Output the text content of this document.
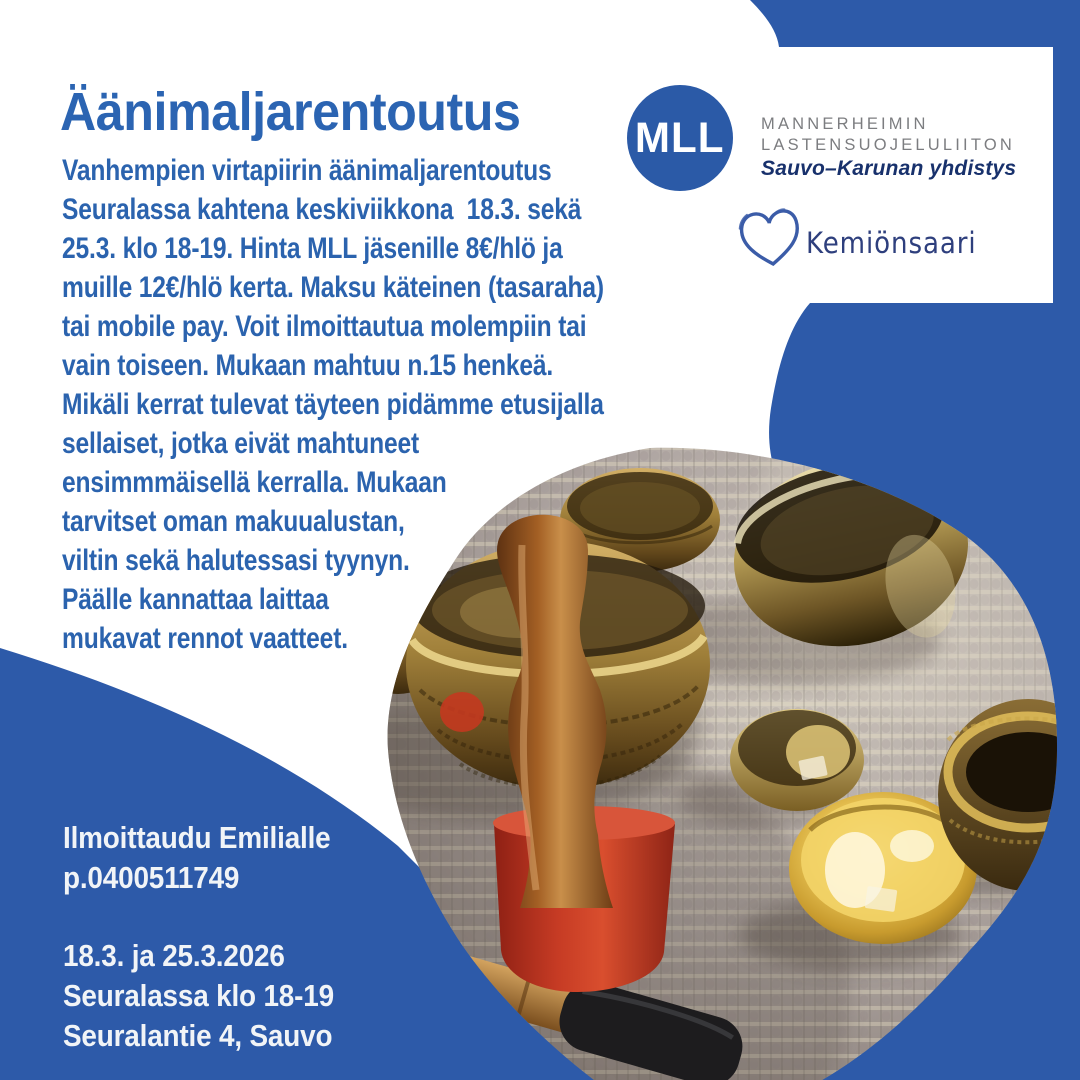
Äänimaljarentoutus
Vanhempien virtapiirin äänimaljarentoutus
Seuralassa kahtena keskiviikkona  18.3. sekä
25.3. klo 18-19. Hinta MLL jäsenille 8€/hlö ja
muille 12€/hlö kerta. Maksu käteinen (tasaraha)
tai mobile pay. Voit ilmoittautua molempiin tai
vain toiseen. Mukaan mahtuu n.15 henkeä.
Mikäli kerrat tulevat täyteen pidämme etusijalla
sellaiset, jotka eivät mahtuneet
ensimmmäisellä kerralla. Mukaan
tarvitset oman makuualustan,
viltin sekä halutessasi tyynyn.
Päälle kannattaa laittaa
mukavat rennot vaatteet.
MLL MANNERHEIMIN
LASTENSUOJELULIITON
Sauvo–Karunan yhdistys
Kemiönsaari
Ilmoittaudu Emilialle
p.0400511749
18.3. ja 25.3.2026
Seuralassa klo 18-19
Seuralantie 4, Sauvo
